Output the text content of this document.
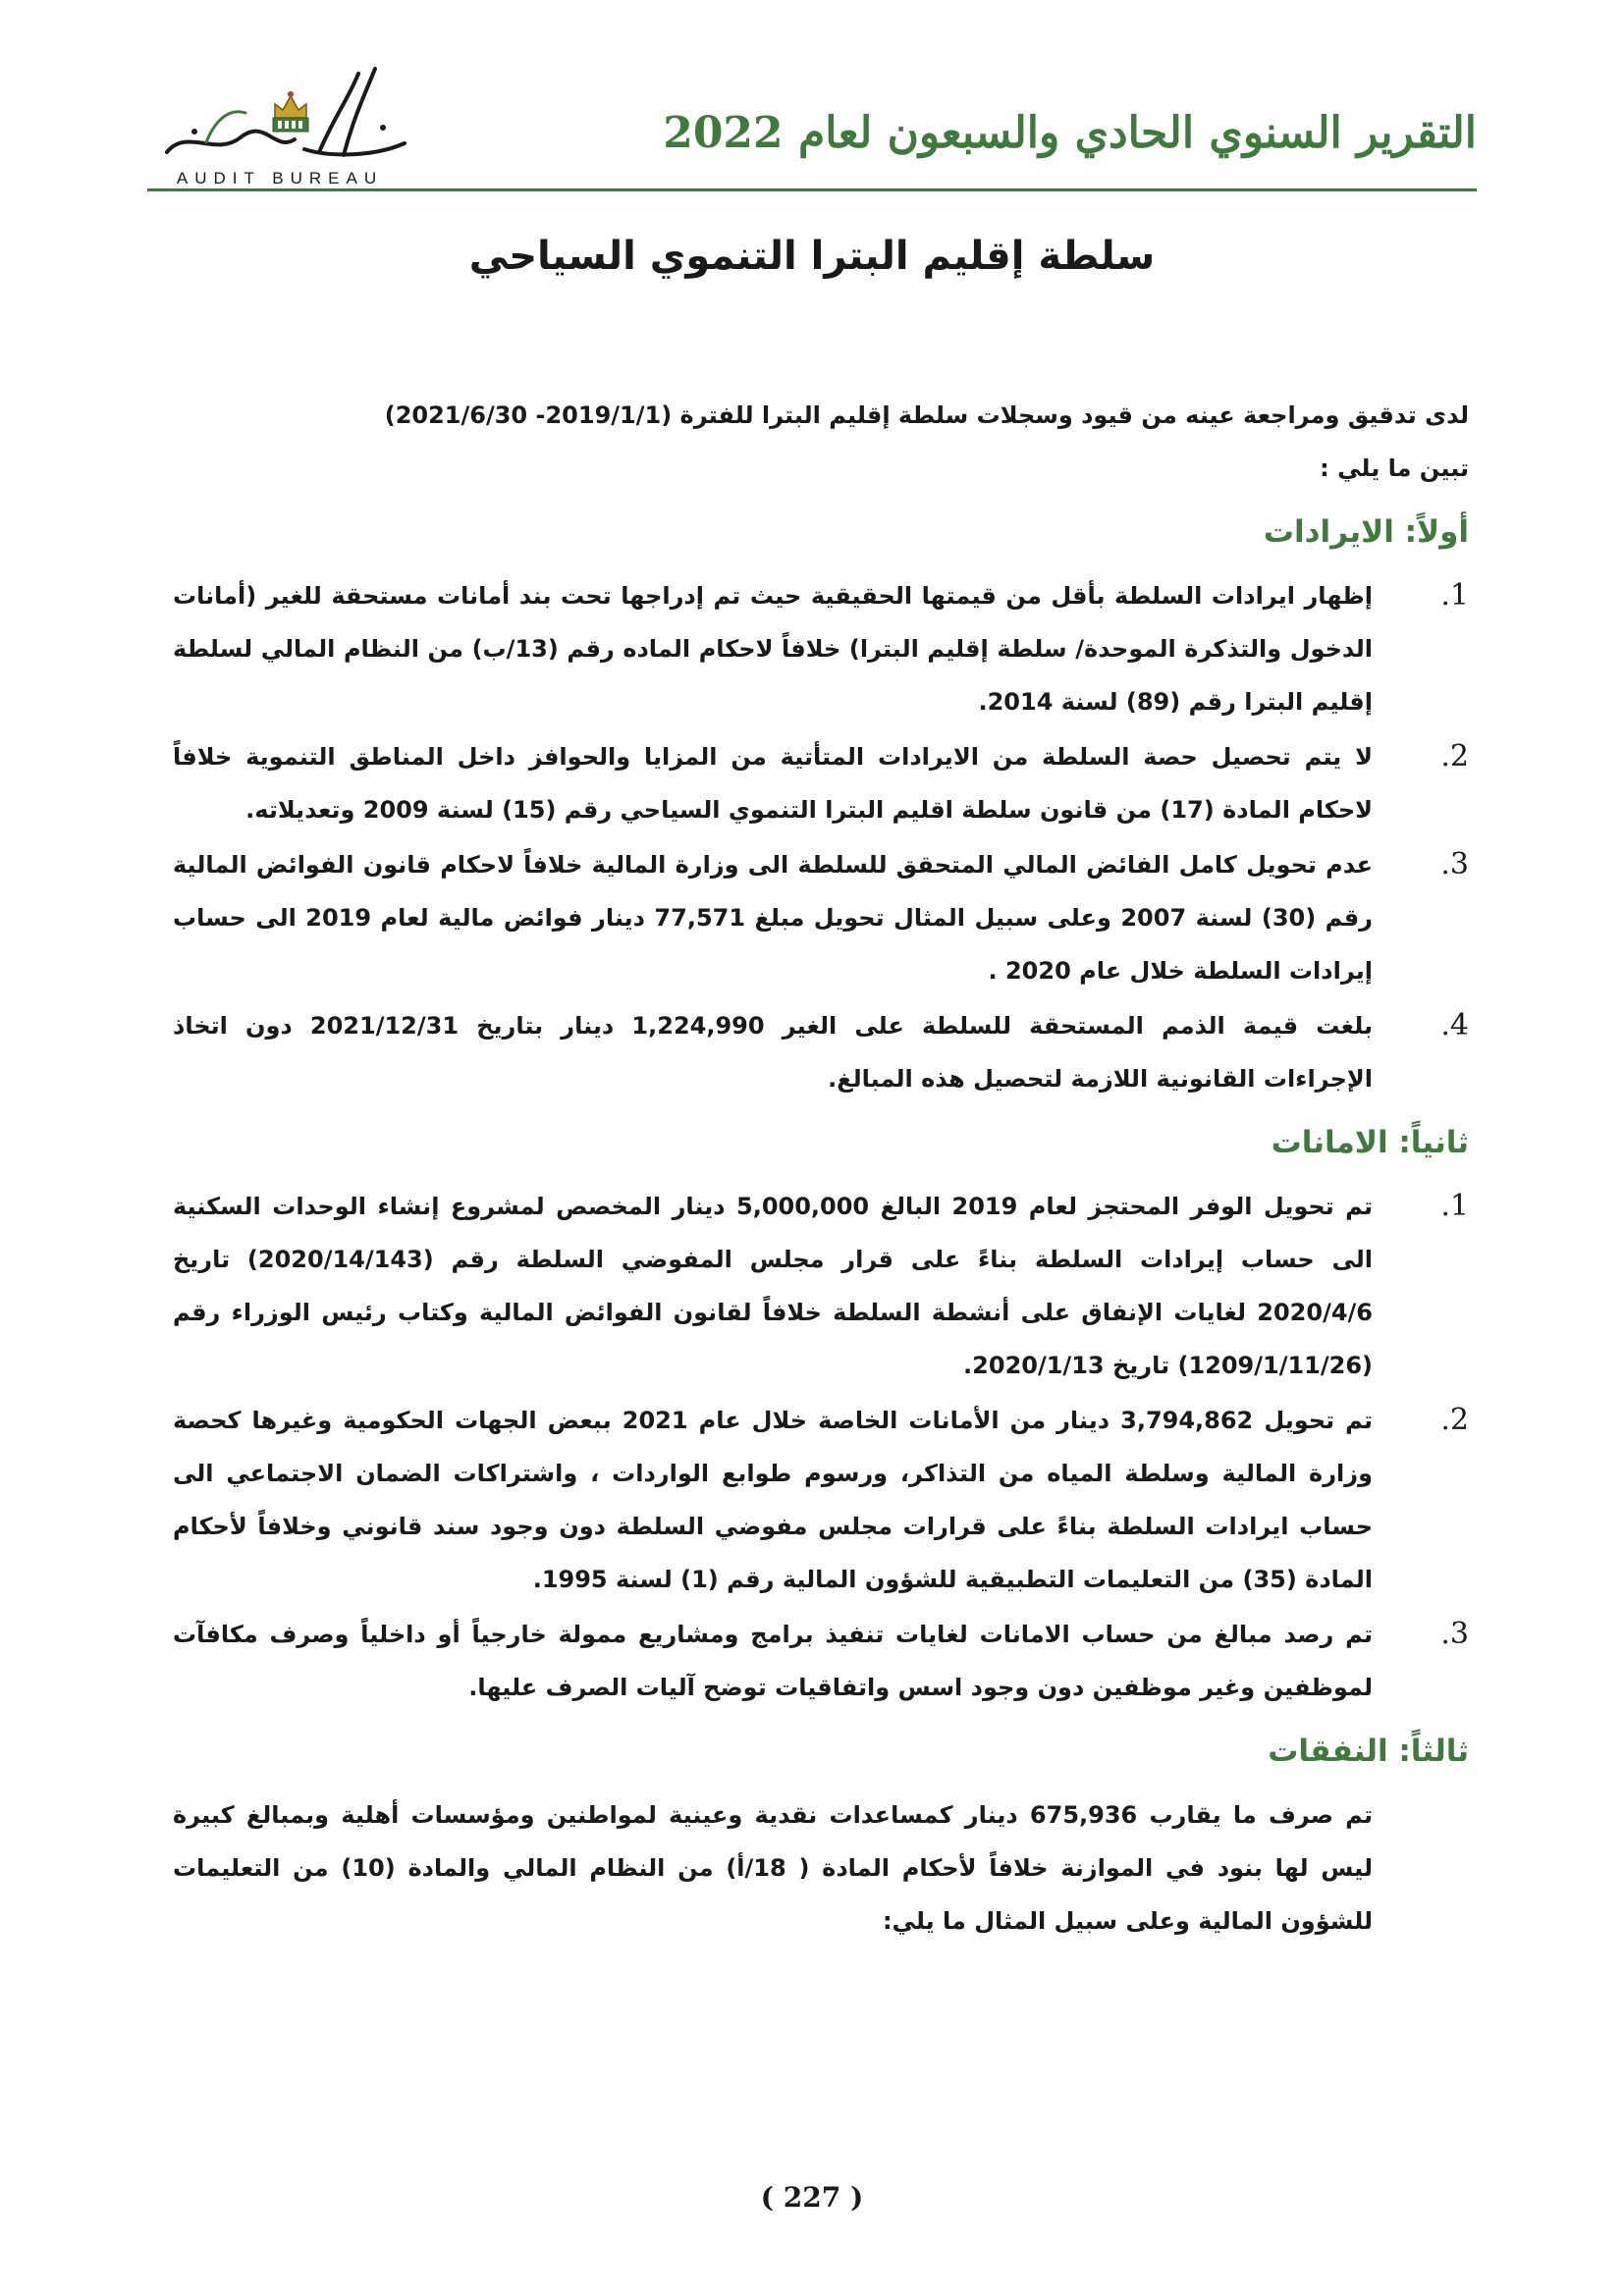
التقرير السنوي الحادي والسبعون لعام 2022
AUDIT BUREAU
سلطة إقليم البترا التنموي السياحي
لدى تدقيق ومراجعة عينه من قيود وسجلات سلطة إقليم البترا للفترة (2019/1/1- 2021/6/30)
تبين ما يلي :
أولاً: الايرادات
1.
إظهار ايرادات السلطة بأقل من قيمتها الحقيقية حيث تم إدراجها تحت بند أمانات مستحقة للغير (أمانات الدخول والتذكرة الموحدة/ سلطة إقليم البترا) خلافاً لاحكام الماده رقم (13/ب) من النظام المالي لسلطة إقليم البترا رقم (89) لسنة 2014.
2.
لا يتم تحصيل حصة السلطة من الايرادات المتأتية من المزايا والحوافز داخل المناطق التنموية خلافاً لاحكام المادة (17) من قانون سلطة اقليم البترا التنموي السياحي رقم (15) لسنة 2009 وتعديلاته.
3.
عدم تحويل كامل الفائض المالي المتحقق للسلطة الى وزارة المالية خلافاً لاحكام قانون الفوائض المالية رقم (30) لسنة 2007 وعلى سبيل المثال تحويل مبلغ 77,571 دينار فوائض مالية لعام 2019 الى حساب إيرادات السلطة خلال عام 2020 .
4.
بلغت قيمة الذمم المستحقة للسلطة على الغير 1,224,990 دينار بتاريخ 2021/12/31 دون اتخاذ الإجراءات القانونية اللازمة لتحصيل هذه المبالغ.
ثانياً: الامانات
1.
تم تحويل الوفر المحتجز لعام 2019 البالغ 5,000,000 دينار المخصص لمشروع إنشاء الوحدات السكنية الى حساب إيرادات السلطة بناءً على قرار مجلس المفوضي السلطة رقم (2020/14/143) تاريخ 2020/4/6 لغايات الإنفاق على أنشطة السلطة خلافاً لقانون الفوائض المالية وكتاب رئيس الوزراء رقم (1209/1/11/26) تاريخ 2020/1/13.
2.
تم تحويل 3,794,862 دينار من الأمانات الخاصة خلال عام 2021 ببعض الجهات الحكومية وغيرها كحصة وزارة المالية وسلطة المياه من التذاكر، ورسوم طوابع الواردات ، واشتراكات الضمان الاجتماعي الى حساب ايرادات السلطة بناءً على قرارات مجلس مفوضي السلطة دون وجود سند قانوني وخلافاً لأحكام المادة (35) من التعليمات التطبيقية للشؤون المالية رقم (1) لسنة 1995.
3.
تم رصد مبالغ من حساب الامانات لغايات تنفيذ برامج ومشاريع ممولة خارجياً أو داخلياً وصرف مكافآت لموظفين وغير موظفين دون وجود اسس واتفاقيات توضح آليات الصرف عليها.
ثالثاً: النفقات
تم صرف ما يقارب 675,936 دينار كمساعدات نقدية وعينية لمواطنين ومؤسسات أهلية وبمبالغ كبيرة ليس لها بنود في الموازنة خلافاً لأحكام المادة ( 18/أ) من النظام المالي والمادة (10) من التعليمات للشؤون المالية وعلى سبيل المثال ما يلي:
( 227 )
